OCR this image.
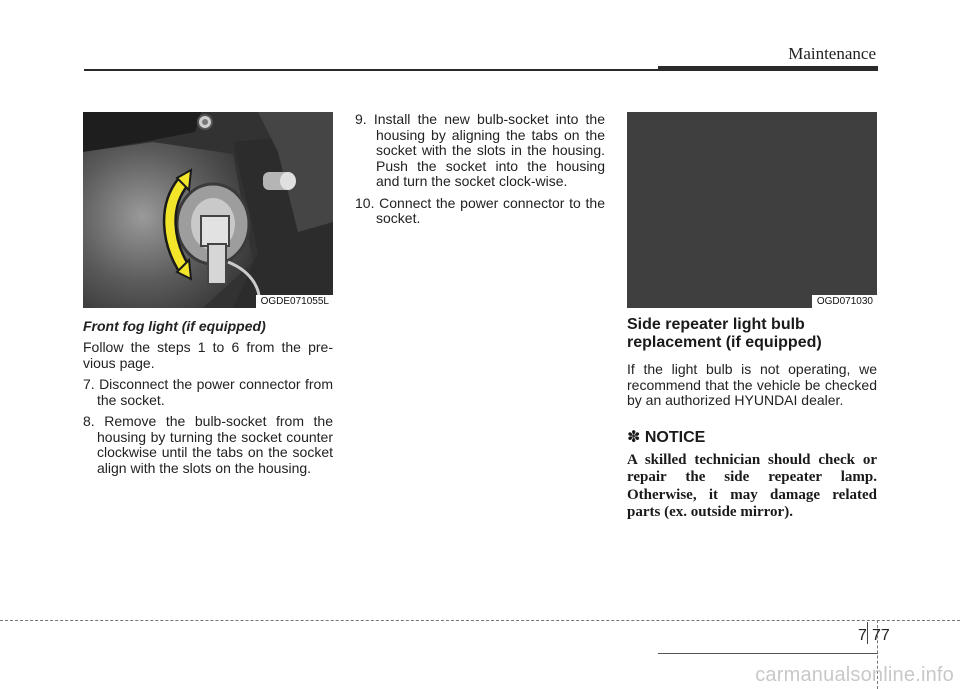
Maintenance
OGDE071055L
Front fog light (if equipped)

Follow the steps 1 to 6 from the pre-vious page.

7. Disconnect the power connector from the socket.
8. Remove the bulb-socket from the housing by turning the socket counter clockwise until the tabs on the socket align with the slots on the housing.
9. Install the new bulb-socket into the housing by aligning the tabs on the socket with the slots in the housing. Push the socket into the housing and turn the socket clock-wise.
10. Connect the power connector to the socket.
OGD071030
Side repeater light bulb replacement (if equipped)

If the light bulb is not operating, we recommend that the vehicle be checked by an authorized HYUNDAI dealer.

✽ NOTICE

A skilled technician should check or repair the side repeater lamp. Otherwise, it may damage related parts (ex. outside mirror).

7 77
carmanualsonline.info
